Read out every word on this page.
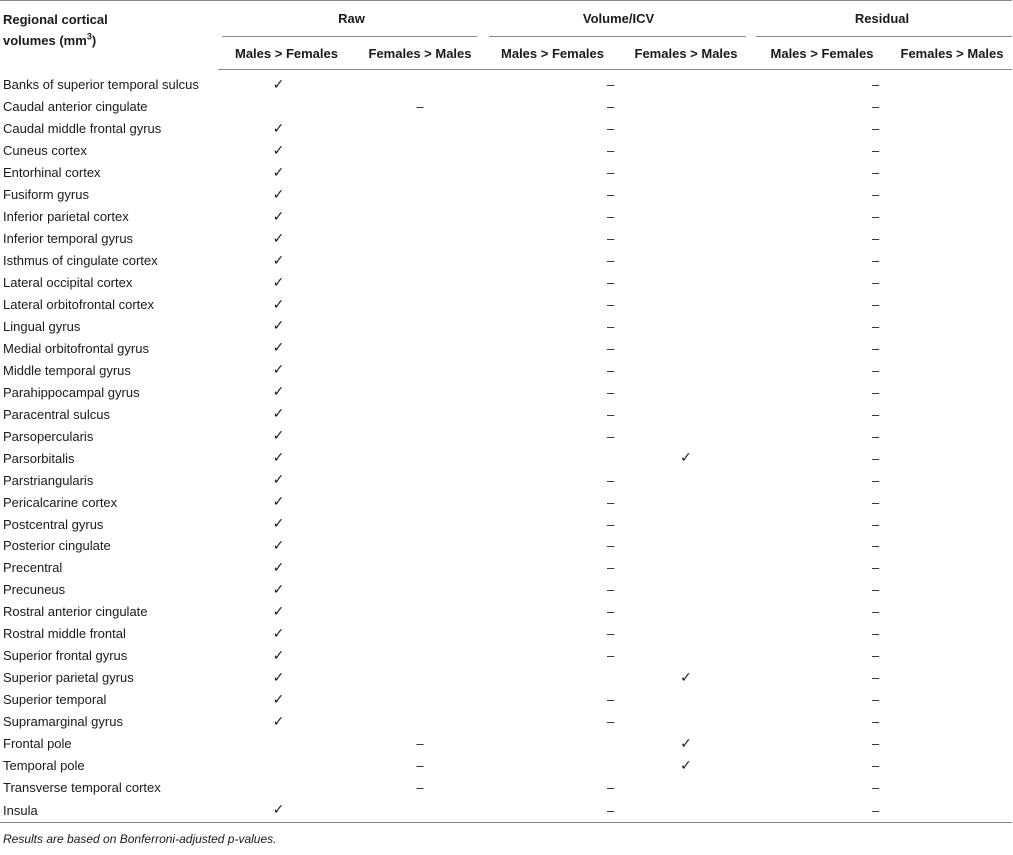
Regional cortical
volumes $(mm^3)$	Raw		Volume/ICV		Residual	

	Males > Females	Females > Males	Males > Females	Females > Males	Males > Females	Females > Males
Banks of superior temporal sulcus	✓		–		–	
Caudal anterior cingulate		–	–		–	
Caudal middle frontal gyrus	✓		–		–	
Cuneus cortex	✓		–		–	
Entorhinal cortex	✓		–		–	
Fusiform gyrus	✓		–		–	
Inferior parietal cortex	✓		–		–	
Inferior temporal gyrus	✓		–		–	
Isthmus of cingulate cortex	✓		–		–	
Lateral occipital cortex	✓		–		–	
Lateral orbitofrontal cortex	✓		–		–	
Lingual gyrus	✓		–		–	
Medial orbitofrontal gyrus	✓		–		–	
Middle temporal gyrus	✓		–		–	
Parahippocampal gyrus	✓		–		–	
Paracentral sulcus	✓		–		–	
Parsopercularis	✓		–		–	
Parsorbitalis	✓			✓	–	
Parstriangularis	✓		–		–	
Pericalcarine cortex	✓		–		–	
Postcentral gyrus	✓		–		–	
Posterior cingulate	✓		–		–	
Precentral	✓		–		–	
Precuneus	✓		–		–	
Rostral anterior cingulate	✓		–		–	
Rostral middle frontal	✓		–		–	
Superior frontal gyrus	✓		–		–	
Superior parietal gyrus	✓			✓	–	
Superior temporal	✓		–		–	
Supramarginal gyrus	✓		–		–	
Frontal pole		–		✓	–	
Temporal pole		–		✓	–	
Transverse temporal cortex		–	–		–	
Insula	✓		–		–	
Results are based on Bonferroni-adjusted p-values.
